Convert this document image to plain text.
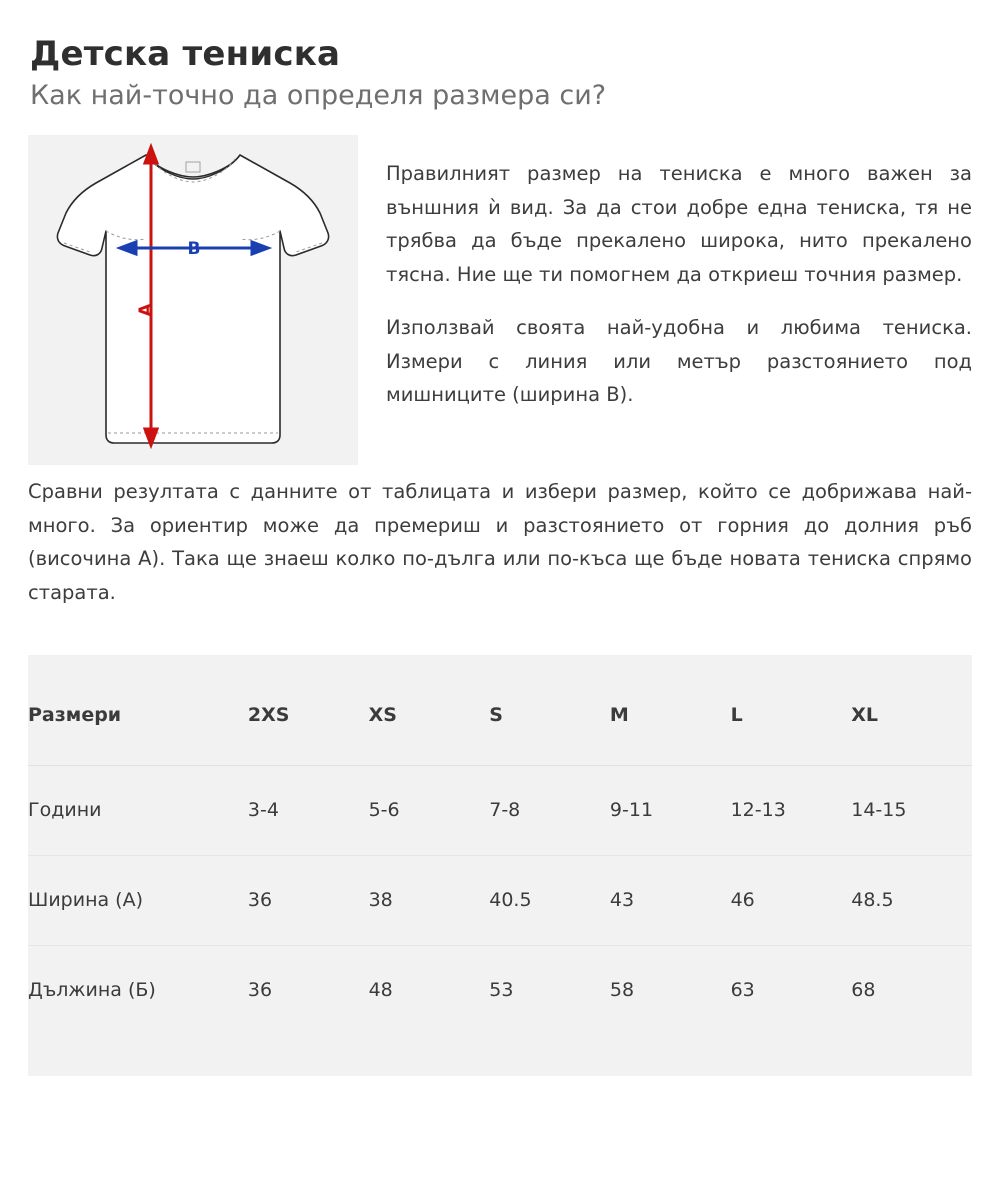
Детска тениска
Как най-точно да определя размера си?
A
B

Правилният размер на тениска е много важен за външния ѝ вид. За да стои добре една тениска, тя не трябва да бъде прекалено широка, нито прекалено тясна. Ние ще ти помогнем да откриеш точния размер.

Използвай своята най-удобна и любима тениска. Измери с линия или метър разстоянието под мишниците (ширина B).

Сравни резултата с данните от таблицата и избери размер, който се добрижава най-много. За ориентир може да премериш и разстоянието от горния до долния ръб (височина A). Така ще знаеш колко по-дълга или по-къса ще бъде новата тениска спрямо старата.

Размери	2XS	XS	S	M	L	XL
Години	3-4	5-6	7-8	9-11	12-13	14-15
Ширина (A)	36	38	40.5	43	46	48.5
Дължина (Б)	36	48	53	58	63	68
